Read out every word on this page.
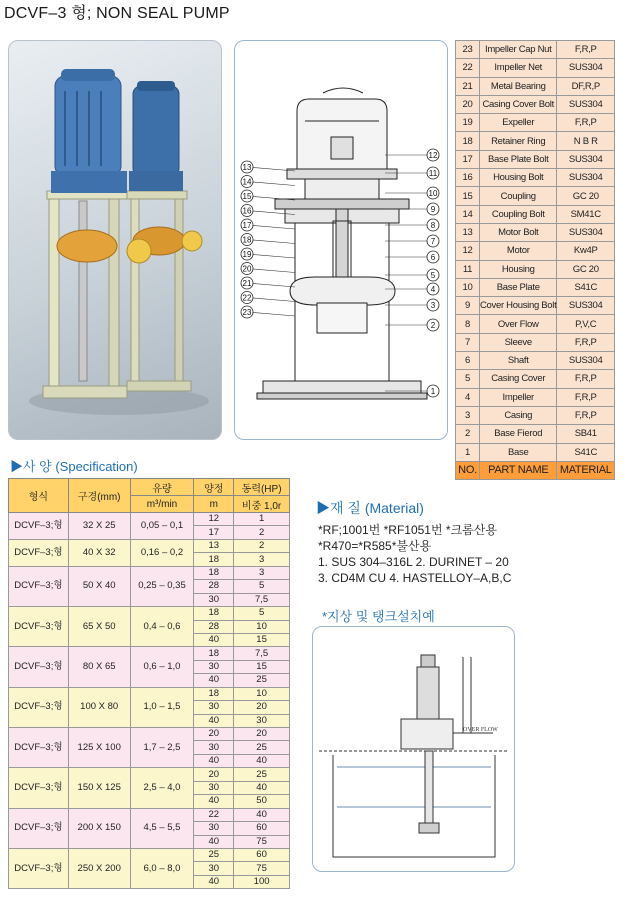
DCVF–3 형; NON SEAL PUMP
13
14
15
16
17
18
19
20
21
22
23
12
11
10
9
8
7
6
5
4
3
2
1
23	Impeller Cap Nut	F,R,P
22	Impeller Net	SUS304
21	Metal Bearing	DF,R,P
20	Casing Cover Bolt	SUS304
19	Expeller	F,R,P
18	Retainer Ring	N B R
17	Base Plate Bolt	SUS304
16	Housing Bolt	SUS304
15	Coupling	GC 20
14	Coupling Bolt	SM41C
13	Motor Bolt	SUS304
12	Motor	Kw4P
11	Housing	GC 20
10	Base Plate	S41C
9	Cover Housing Bolt	SUS304
8	Over Flow	P,V,C
7	Sleeve	F,R,P
6	Shaft	SUS304
5	Casing Cover	F,R,P
4	Impeller	F,R,P
3	Casing	F,R,P
2	Base Fierod	SB41
1	Base	S41C
NO.	PART NAME	MATERIAL
▶사 양 (Specification)
형식	구경(mm)	유량	양정	동력(HP)
		m³/min	m	비중 1,0r
DCVF–3;형	32 X 25	0,05 – 0,1	12	1
			17	2
DCVF–3;형	40 X 32	0,16 – 0,2	13	2
			18	3
DCVF–3;형	50 X 40	0,25 – 0,35	18	3
			28	5
			30	7,5
DCVF–3;형	65 X 50	0,4 – 0,6	18	5
			28	10
			40	15
DCVF–3;형	80 X 65	0,6 – 1,0	18	7,5
			30	15
			40	25
DCVF–3;형	100 X 80	1,0 – 1,5	18	10
			30	20
			40	30
DCVF–3;형	125 X 100	1,7 – 2,5	20	20
			30	25
			40	40
DCVF–3;형	150 X 125	2,5 – 4,0	20	25
			30	40
			40	50
DCVF–3;형	200 X 150	4,5 – 5,5	22	40
			30	60
			40	75
DCVF–3;형	250 X 200	6,0 – 8,0	25	60
			30	75
			40	100
▶재 질 (Material)
*RF;1001번 *RF1051번 *크롬산용
*R470=*R585*불산용
1. SUS 304–316L 2. DURINET – 20
3. CD4M CU 4. HASTELLOY–A,B,C
*지상 및 탱크설치예
OVER FLOW
